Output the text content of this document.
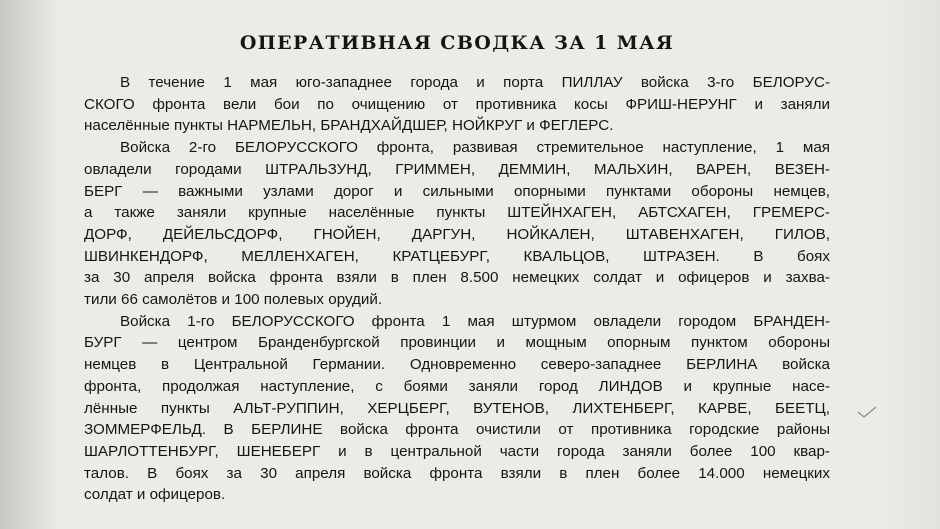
ОПЕРАТИВНАЯ СВОДКА ЗА 1 МАЯ
В течение 1 мая юго-западнее города и порта ПИЛЛАУ войска 3-го БЕЛОРУС-
СКОГО фронта вели бои по очищению от противника косы ФРИШ-НЕРУНГ и заняли
населённые пункты НАРМЕЛЬН, БРАНДХАЙДШЕР, НОЙКРУГ и ФЕГЛЕРС.
Войска 2-го БЕЛОРУССКОГО фронта, развивая стремительное наступление, 1 мая
овладели городами ШТРАЛЬЗУНД, ГРИММЕН, ДЕММИН, МАЛЬХИН, ВАРЕН, ВЕЗЕН-
БЕРГ — важными узлами дорог и сильными опорными пунктами обороны немцев,
а также заняли крупные населённые пункты ШТЕЙНХАГЕН, АБТСХАГЕН, ГРЕМЕРС-
ДОРФ, ДЕЙЕЛЬСДОРФ, ГНОЙЕН, ДАРГУН, НОЙКАЛЕН, ШТАВЕНХАГЕН, ГИЛОВ,
ШВИНКЕНДОРФ, МЕЛЛЕНХАГЕН, КРАТЦЕБУРГ, КВАЛЬЦОВ, ШТРАЗЕН. В боях
за 30 апреля войска фронта взяли в плен 8.500 немецких солдат и офицеров и захва-
тили 66 самолётов и 100 полевых орудий.
Войска 1-го БЕЛОРУССКОГО фронта 1 мая штурмом овладели городом БРАНДЕН-
БУРГ — центром Бранденбургской провинции и мощным опорным пунктом обороны
немцев в Центральной Германии. Одновременно северо-западнее БЕРЛИНА войска
фронта, продолжая наступление, с боями заняли город ЛИНДОВ и крупные насе-
лённые пункты АЛЬТ-РУППИН, ХЕРЦБЕРГ, ВУТЕНОВ, ЛИХТЕНБЕРГ, КАРВЕ, БЕЕТЦ,
ЗОММЕРФЕЛЬД. В БЕРЛИНЕ войска фронта очистили от противника городские районы
ШАРЛОТТЕНБУРГ, ШЕНЕБЕРГ и в центральной части города заняли более 100 квар-
талов. В боях за 30 апреля войска фронта взяли в плен более 14.000 немецких
солдат и офицеров.
